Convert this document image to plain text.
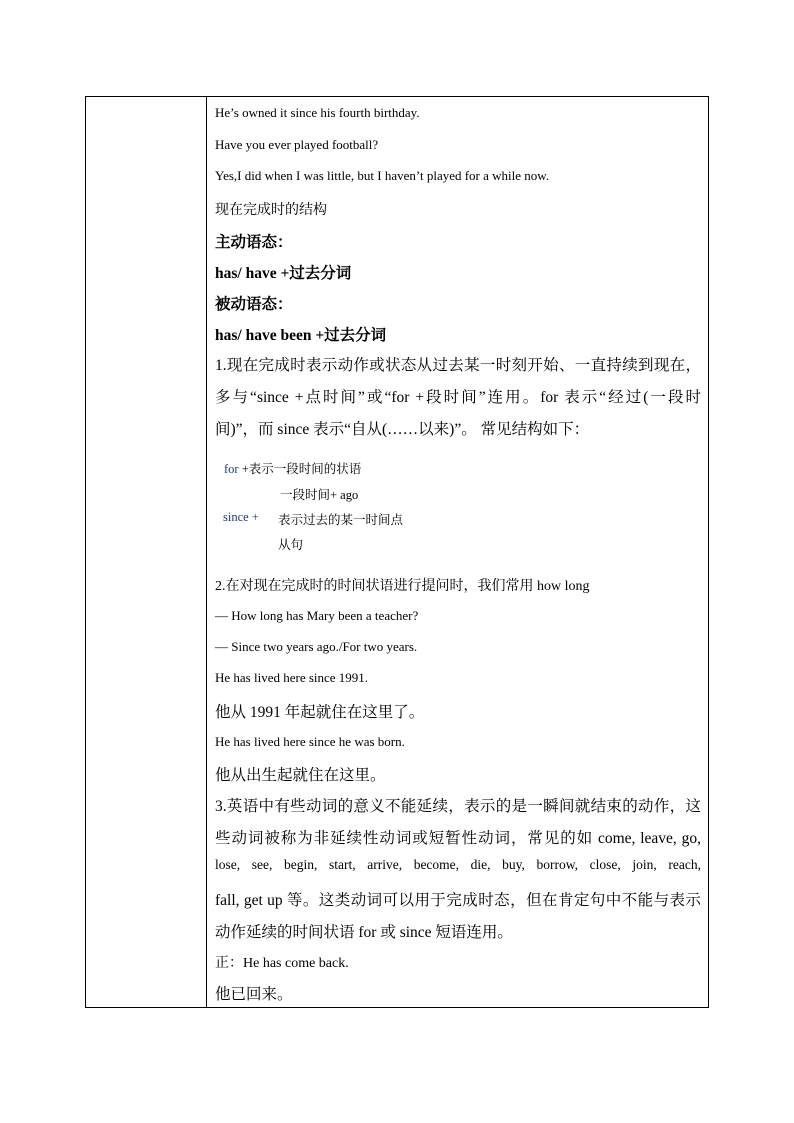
He’s owned it since his fourth birthday.
Have you ever played football?
Yes,I did when I was little, but I haven’t played for a while now.
现在完成时的结构
主动语态：
has/ have +过去分词
被动语态：
has/ have been +过去分词
1.现在完成时表示动作或状态从过去某一时刻开始、一直持续到现在，
多与“since +点时间”或“for +段时间”连用。for 表示“经过(一段时
间)”，而 since 表示“自从(……以来)”。 常见结构如下：
for +表示一段时间的状语
一段时间+ ago
since + 表示过去的某一时间点
从句
2.在对现在完成时的时间状语进行提问时，我们常用 how long
— How long has Mary been a teacher?
— Since two years ago./For two years.
He has lived here since 1991.
他从 1991 年起就住在这里了。
He has lived here since he was born.
他从出生起就住在这里。
3.英语中有些动词的意义不能延续，表示的是一瞬间就结束的动作，这
些动词被称为非延续性动词或短暂性动词，常见的如 come, leave, go,
lose, see, begin, start, arrive, become, die, buy, borrow, close, join, reach,
fall, get up 等。这类动词可以用于完成时态，但在肯定句中不能与表示
动作延续的时间状语 for 或 since 短语连用。
正：He has come back.
他已回来。
